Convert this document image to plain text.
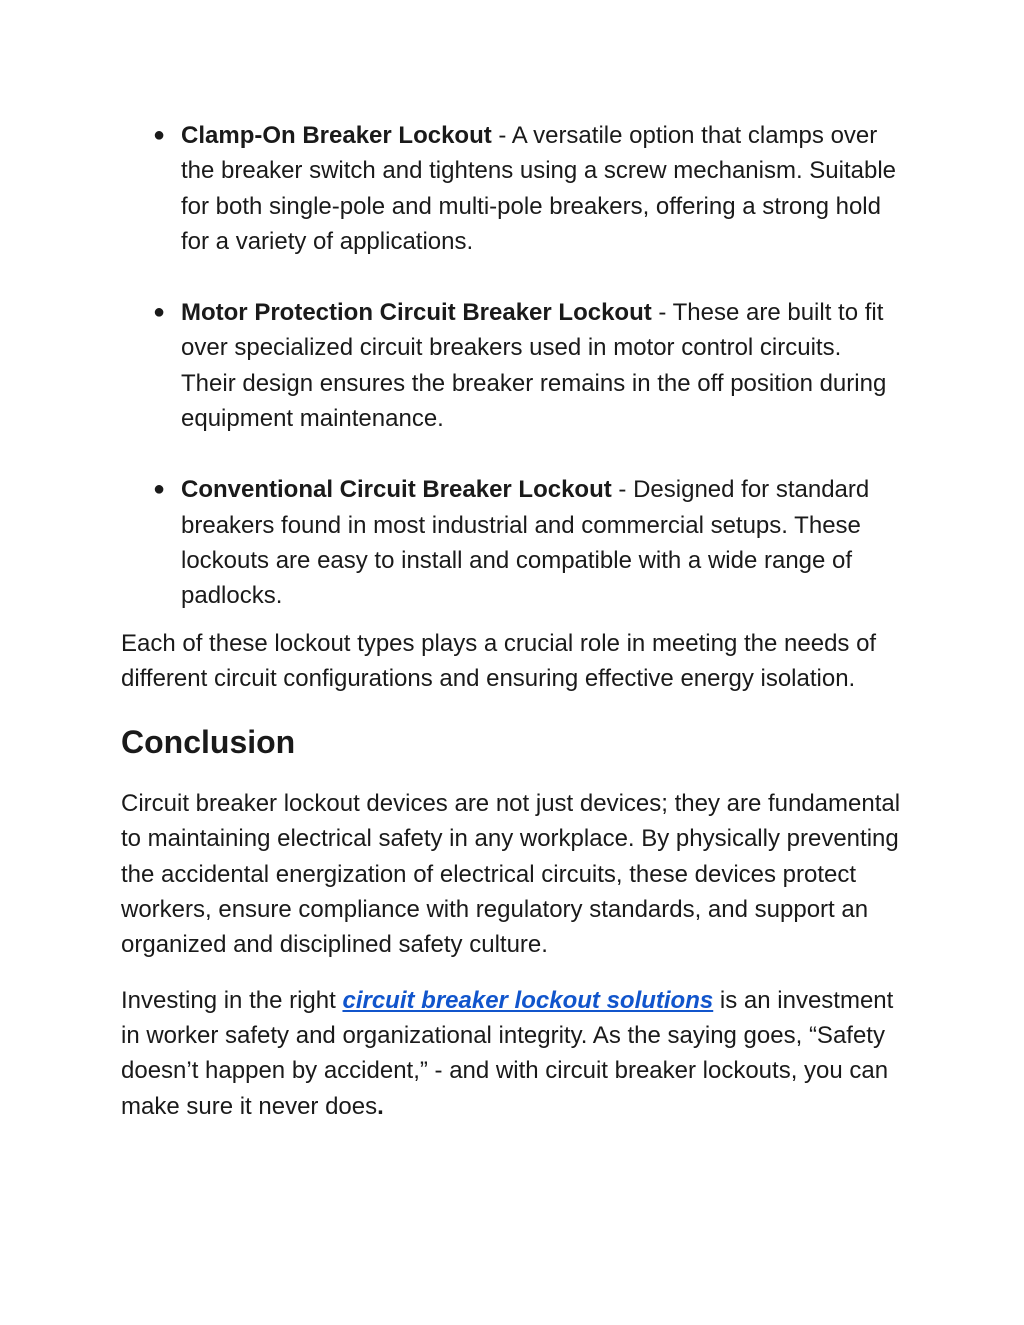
● Clamp-On Breaker Lockout - A versatile option that clamps over the breaker switch and tightens using a screw mechanism. Suitable for both single-pole and multi-pole breakers, offering a strong hold for a variety of applications.
● Motor Protection Circuit Breaker Lockout - These are built to fit over specialized circuit breakers used in motor control circuits. Their design ensures the breaker remains in the off position during equipment maintenance.
● Conventional Circuit Breaker Lockout - Designed for standard breakers found in most industrial and commercial setups. These lockouts are easy to install and compatible with a wide range of padlocks.

Each of these lockout types plays a crucial role in meeting the needs of different circuit configurations and ensuring effective energy isolation.

Conclusion

Circuit breaker lockout devices are not just devices; they are fundamental to maintaining electrical safety in any workplace. By physically preventing the accidental energization of electrical circuits, these devices protect workers, ensure compliance with regulatory standards, and support an organized and disciplined safety culture.

Investing in the right circuit breaker lockout solutions is an investment in worker safety and organizational integrity. As the saying goes, “Safety doesn’t happen by accident,” - and with circuit breaker lockouts, you can make sure it never does.
